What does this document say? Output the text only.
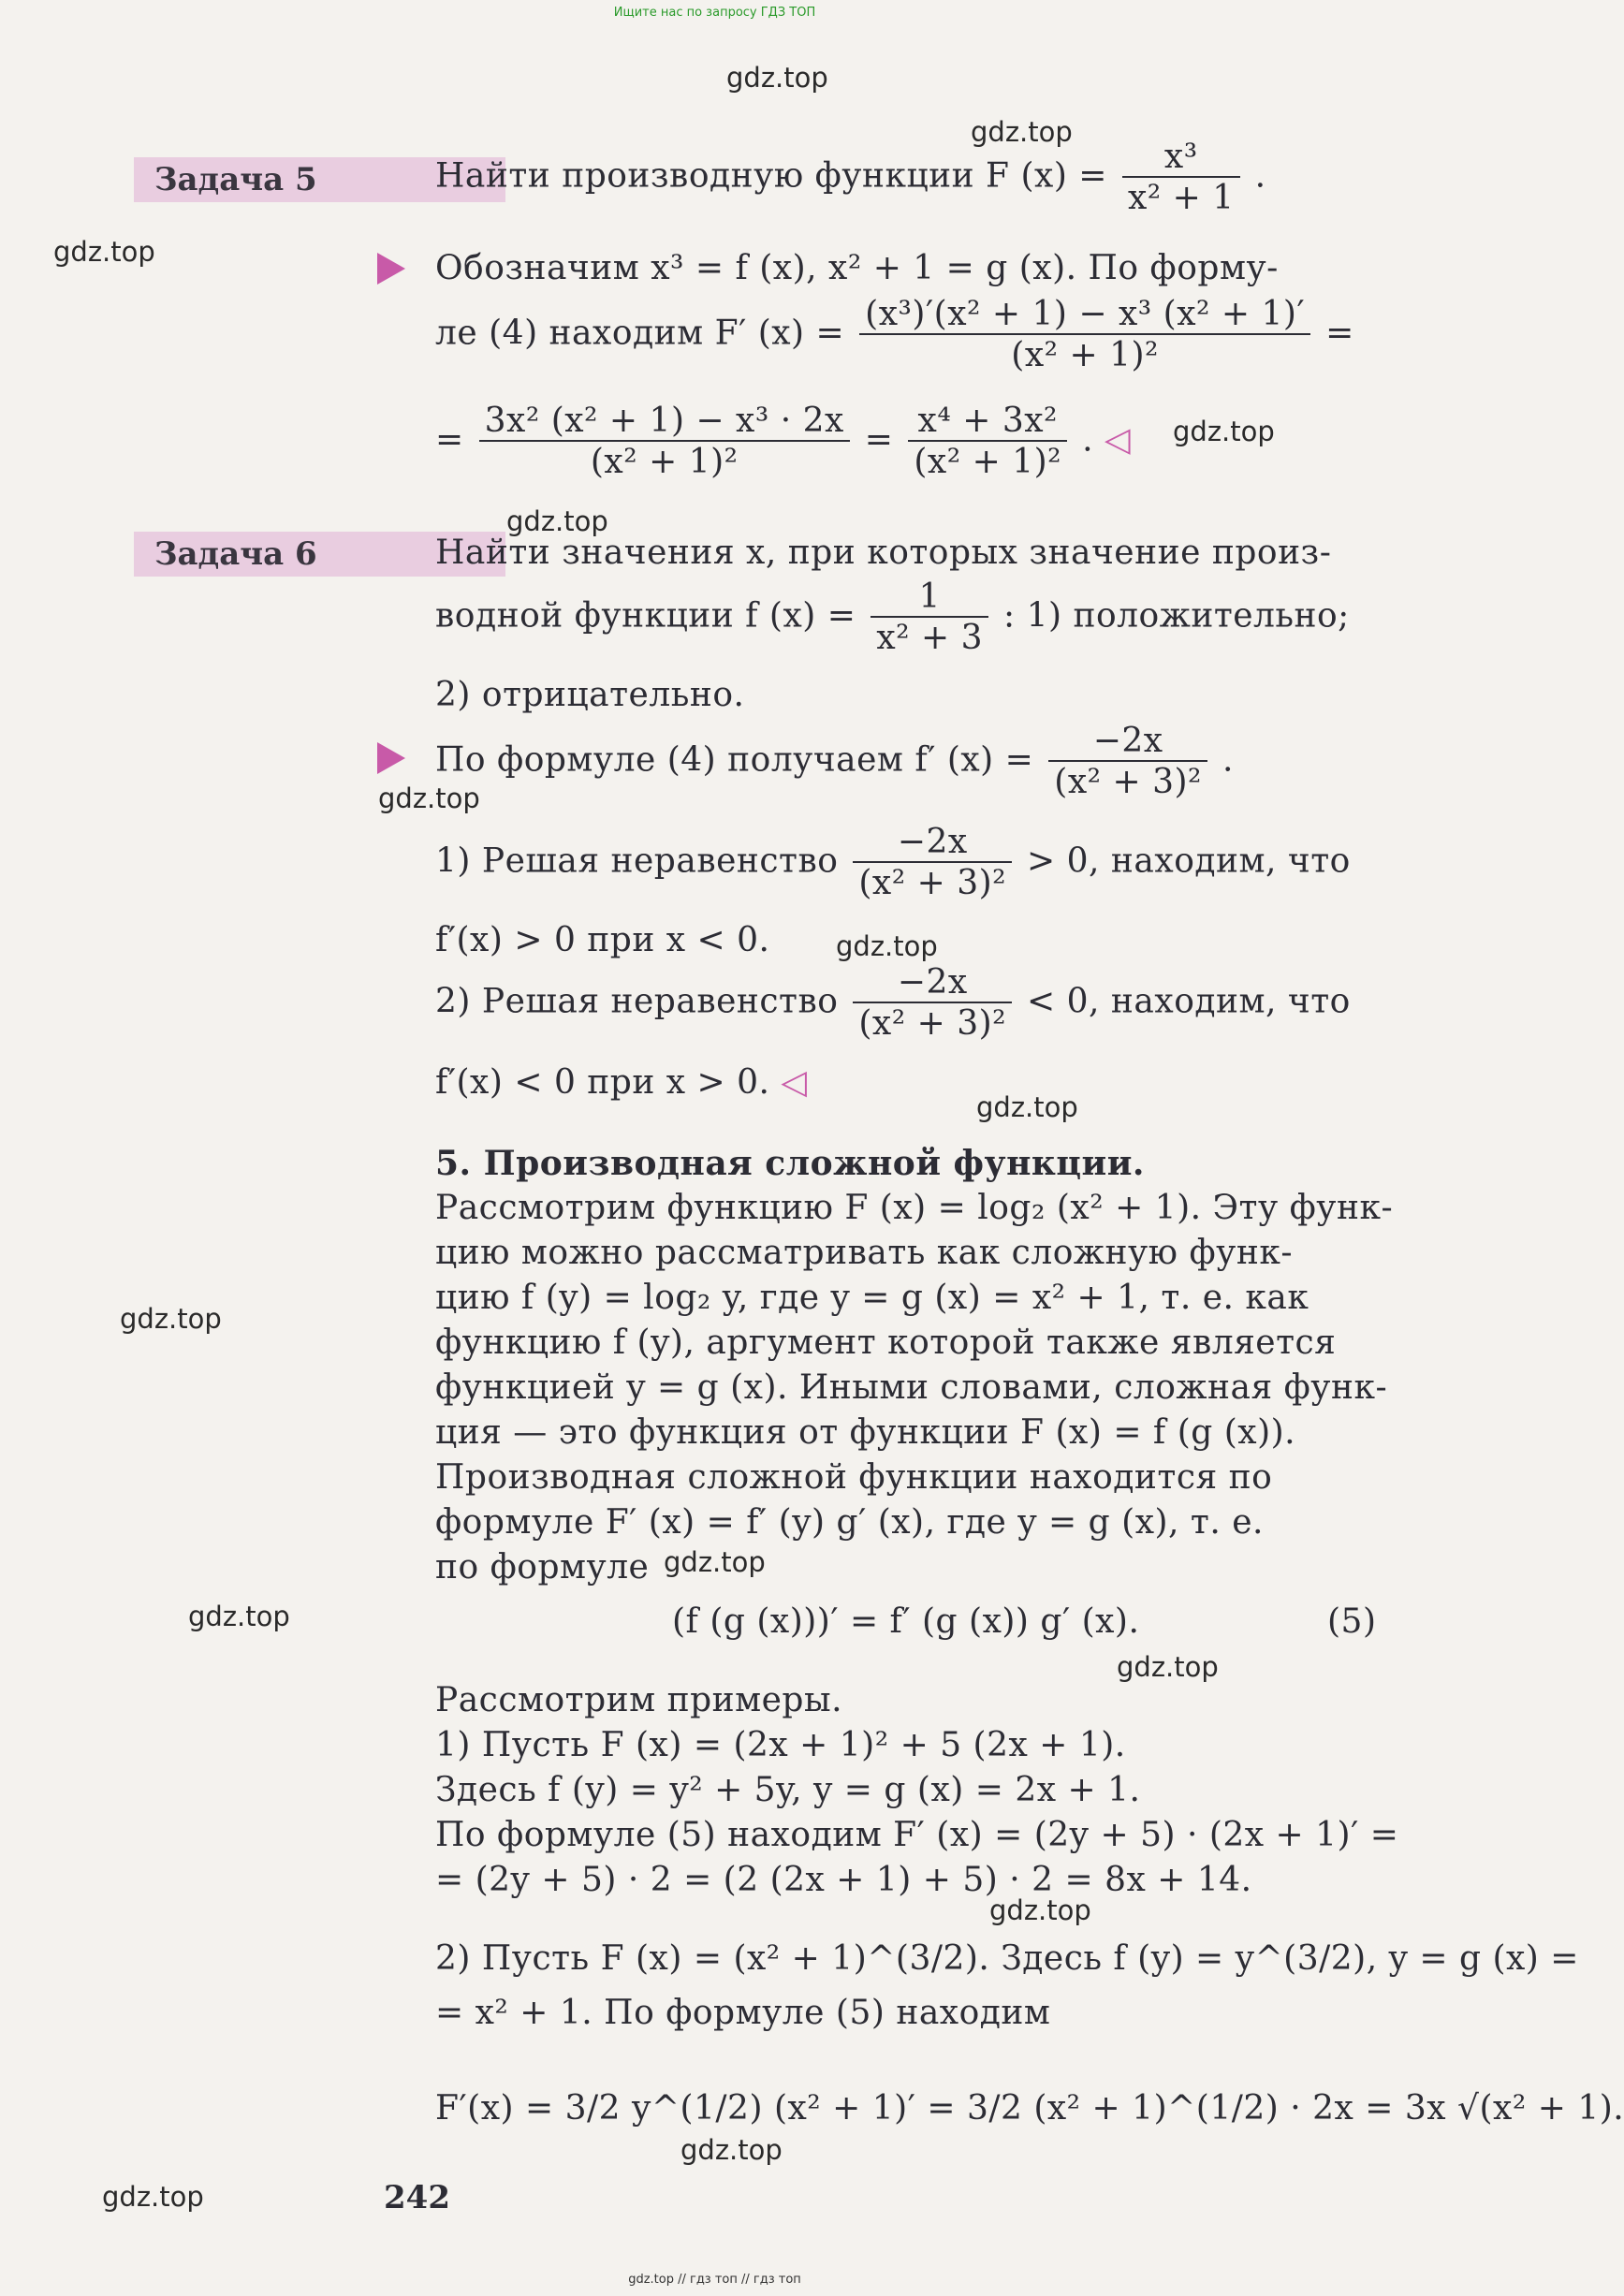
Ищите нас по запросу ГДЗ ТОП
gdz.top
gdz.top
gdz.top
gdz.top
gdz.top
gdz.top
gdz.top
gdz.top
gdz.top
gdz.top
gdz.top
gdz.top
gdz.top
gdz.top
gdz.top
Задача 5	Найти производную функции F $(x) = \frac{\text{x³}}{\text{x² + 1}}$ .
Обозначим x³ = f (x), x² + 1 = g (x). По форму-
ле (4) находим F′ $(x) = \frac{\text{(x³)′(x² + 1) − x³ (x² + 1)′}}{\text{(x² + 1)²}}$ =
= $\frac{\text{3x² (x² + 1) − x³ · 2x}}{\text{(x² + 1)²}} = \frac{\text{x⁴ + 3x²}}{\text{(x² + 1)²}}$ . ◁
Задача 6	Найти значения x, при которых значение произ-
водной функции f $(x) = \frac{1}{\text{x² + 3}}$ : 1) положительно;
2) отрицательно.
По формуле (4) получаем f′ $(x) = \frac{-2x}{\text{(x² + 3)²}}$ .
1) Решая неравенство $\frac{-2x}{\text{(x² + 3)²}} > 0$, находим, что
f′(x) > 0 при x < 0.
2) Решая неравенство $\frac{-2x}{\text{(x² + 3)²}} < 0$, находим, что
f′(x) < 0 при x > 0. ◁
5. Производная сложной функции.
Рассмотрим функцию F (x) = log₂ (x² + 1). Эту функ-
цию можно рассматривать как сложную функ-
цию f (y) = log₂ y, где y = g (x) = x² + 1, т. е. как
функцию f (y), аргумент которой также является
функцией y = g (x). Иными словами, сложная функ-
ция — это функция от функции F (x) = f (g (x)).
Производная сложной функции находится по
формуле F′ (x) = f′ (y) g′ (x), где y = g (x), т. е.
по формуле
(f (g (x)))′ = f′ (g (x)) g′ (x).	(5)
Рассмотрим примеры.
1) Пусть F (x) = (2x + 1)² + 5 (2x + 1).
Здесь f (y) = y² + 5y, y = g (x) = 2x + 1.
По формуле (5) находим F′ (x) = (2y + 5) · (2x + 1)′ =
= (2y + 5) · 2 = (2 (2x + 1) + 5) · 2 = 8x + 14.
2) Пусть F (x) = (x² + 1)^(3/2). Здесь f (y) = y^(3/2), y = g (x) =
= x² + 1. По формуле (5) находим
F′(x) = 3/2 y^(1/2) (x² + 1)′ = 3/2 (x² + 1)^(1/2) · 2x = 3x √(x² + 1).
242
gdz.top // гдз топ // гдз топ
